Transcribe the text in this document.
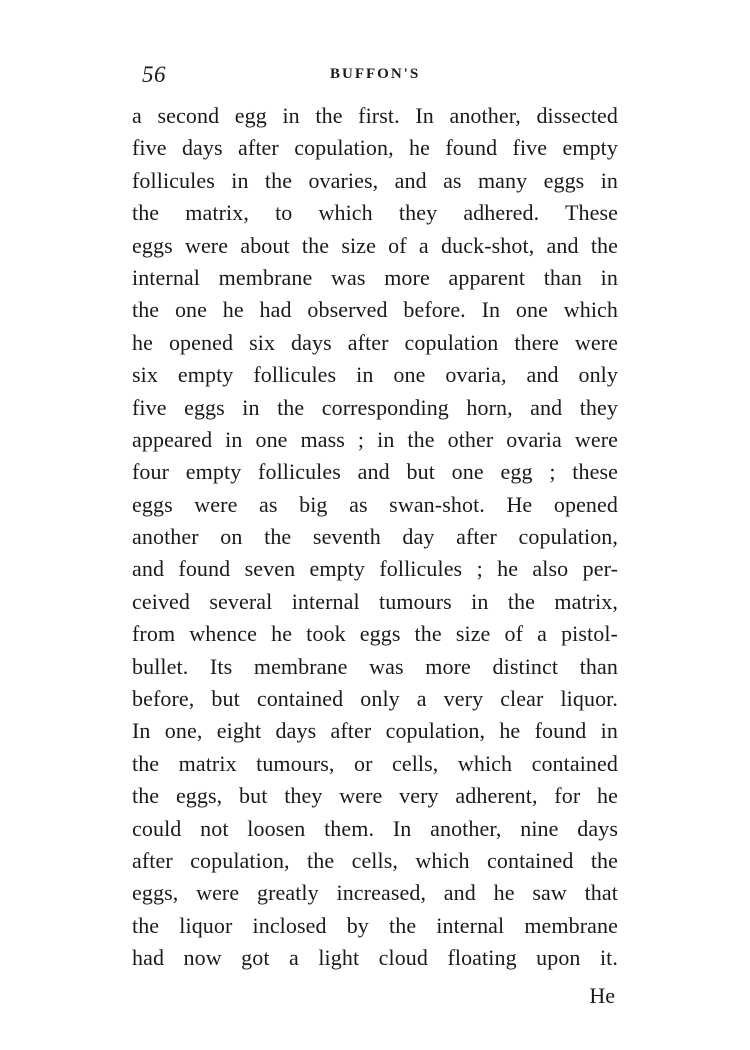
56	BUFFON'S
a second egg in the first. In another, dissected
five days after copulation, he found five empty
follicules in the ovaries, and as many eggs in
the matrix, to which they adhered. These
eggs were about the size of a duck-shot, and the
internal membrane was more apparent than in
the one he had observed before. In one which
he opened six days after copulation there were
six empty follicules in one ovaria, and only
five eggs in the corresponding horn, and they
appeared in one mass ; in the other ovaria were
four empty follicules and but one egg ; these
eggs were as big as swan-shot. He opened
another on the seventh day after copulation,
and found seven empty follicules ; he also per-
ceived several internal tumours in the matrix,
from whence he took eggs the size of a pistol-
bullet. Its membrane was more distinct than
before, but contained only a very clear liquor.
In one, eight days after copulation, he found in
the matrix tumours, or cells, which contained
the eggs, but they were very adherent, for he
could not loosen them. In another, nine days
after copulation, the cells, which contained the
eggs, were greatly increased, and he saw that
the liquor inclosed by the internal membrane
had now got a light cloud floating upon it.
He
